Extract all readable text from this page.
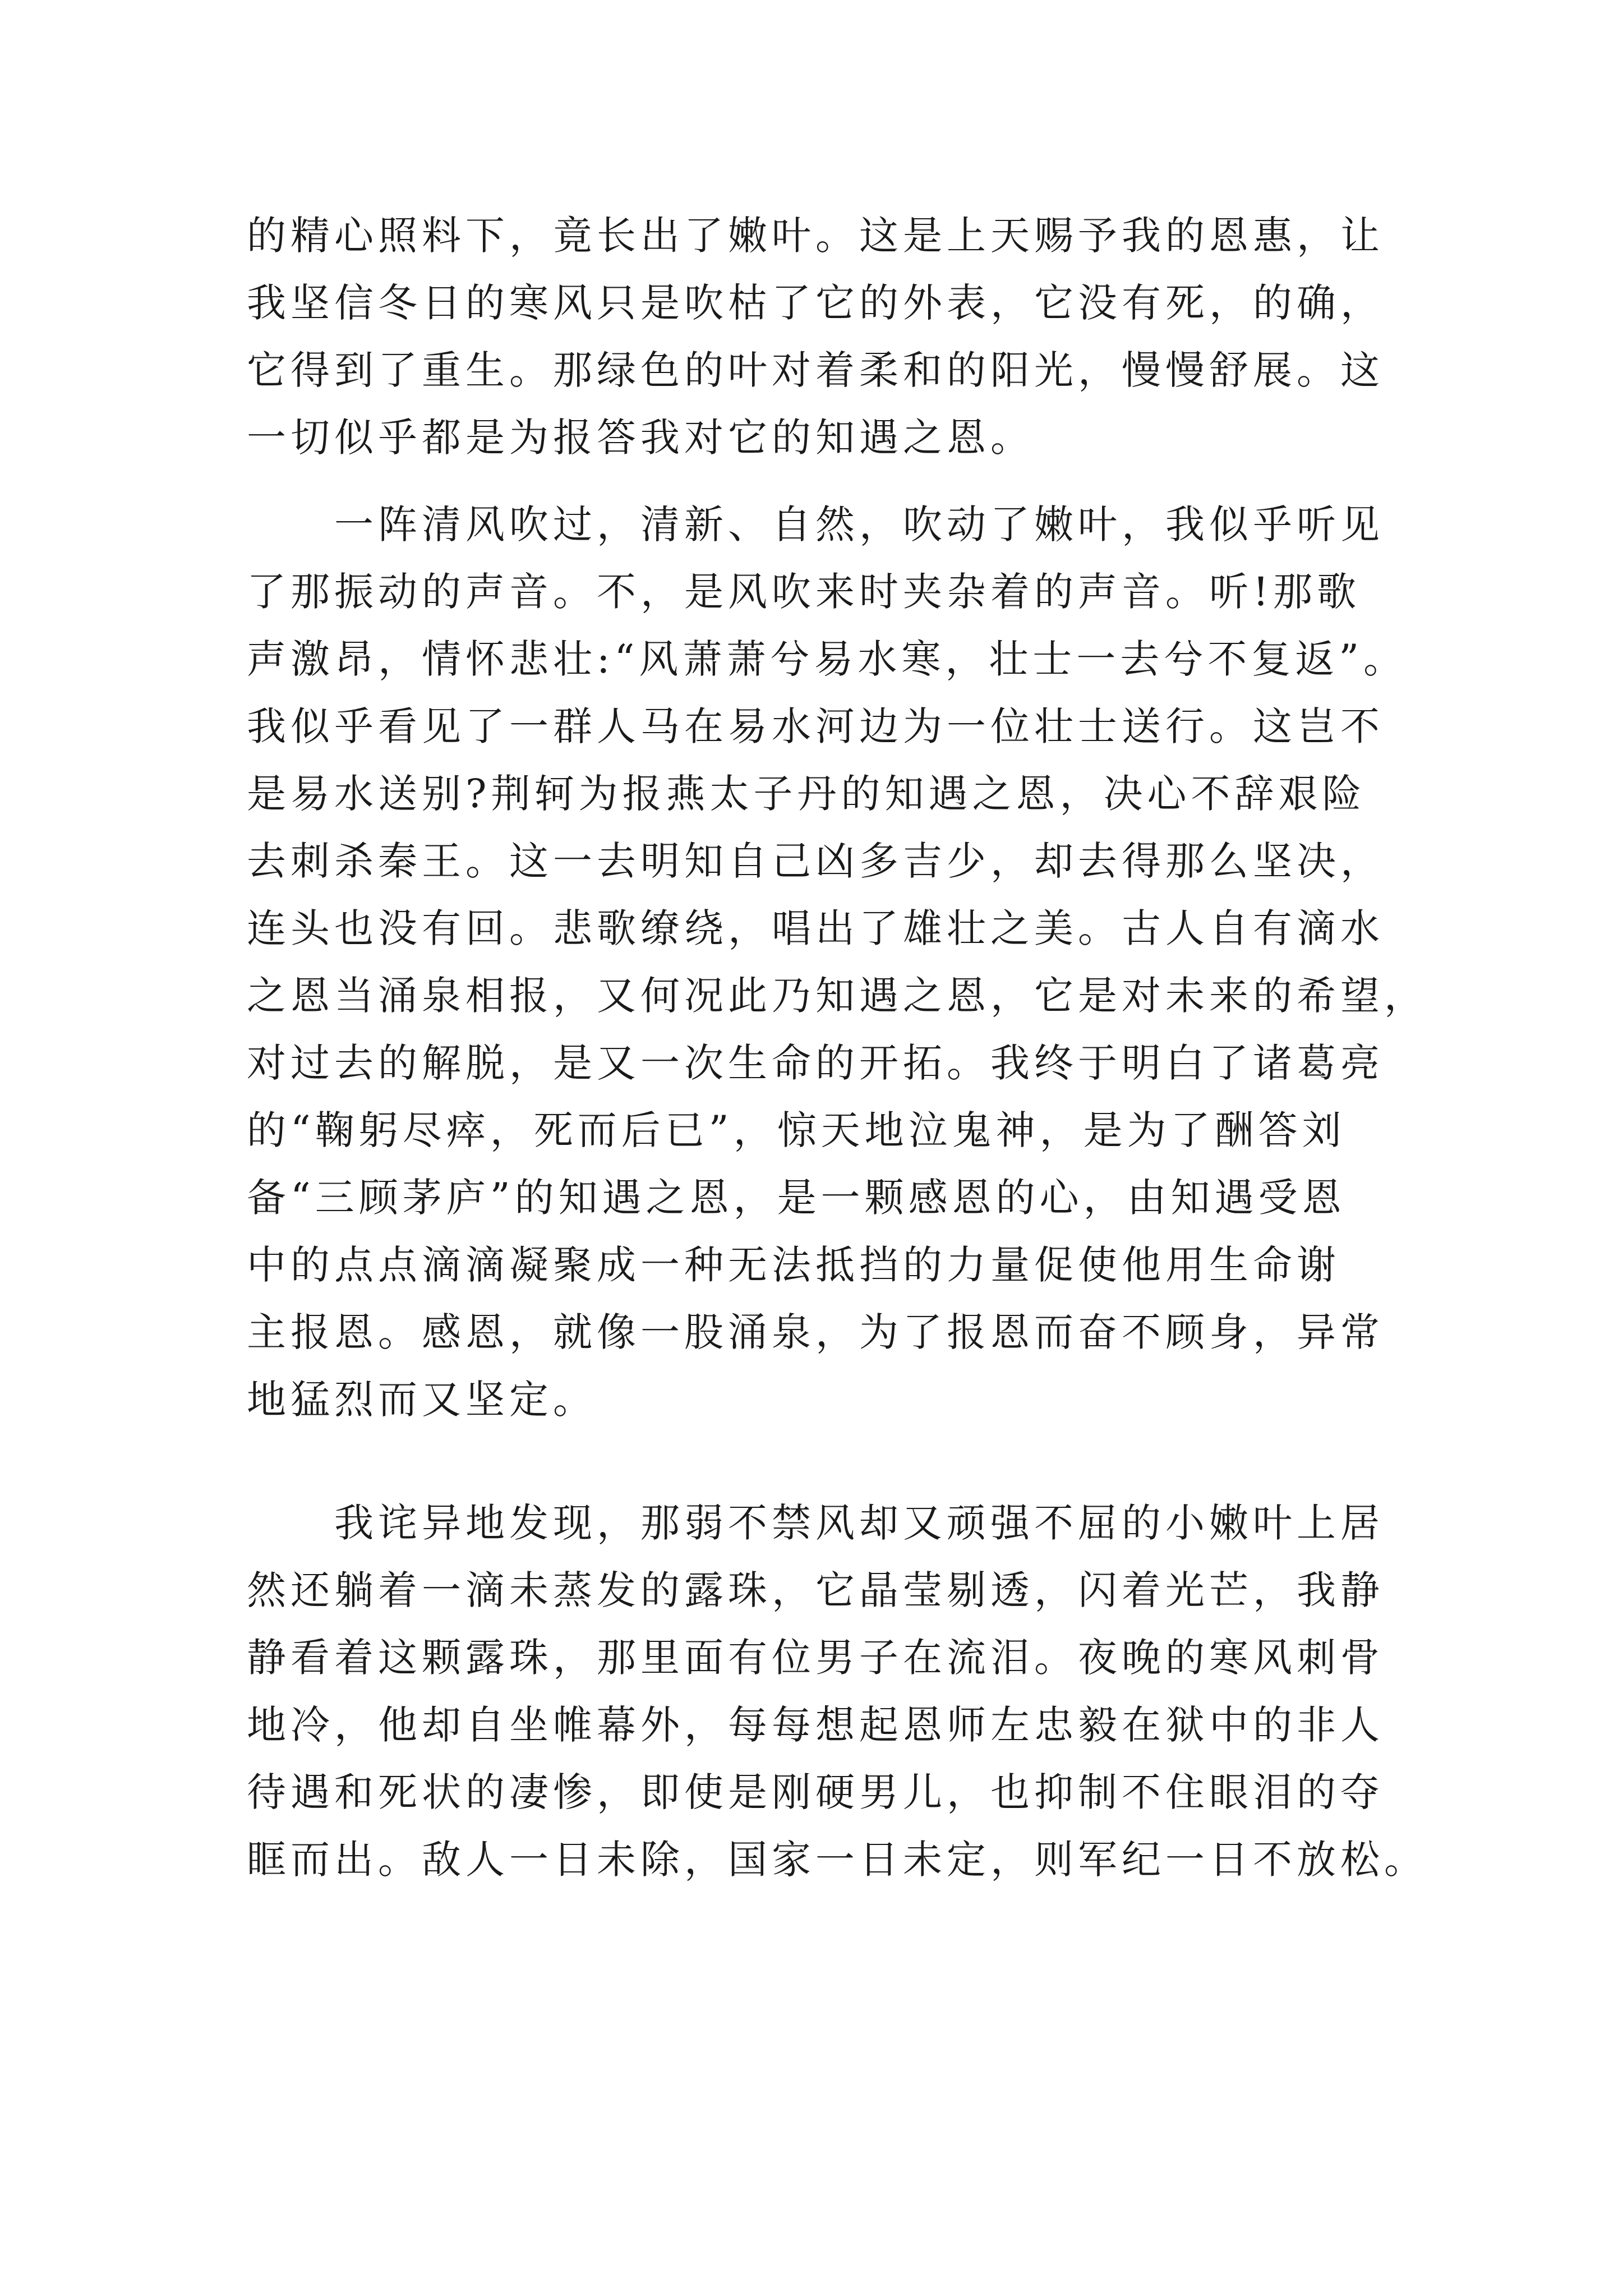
的精心照料下，竟长出了嫩叶。这是上天赐予我的恩惠，让
我坚信冬日的寒风只是吹枯了它的外表，它没有死，的确，
它得到了重生。那绿色的叶对着柔和的阳光，慢慢舒展。这
一切似乎都是为报答我对它的知遇之恩。
　　一阵清风吹过，清新、自然，吹动了嫩叶，我似乎听见
了那振动的声音。不，是风吹来时夹杂着的声音。听!那歌
声激昂，情怀悲壮:“风萧萧兮易水寒，壮士一去兮不复返”。
我似乎看见了一群人马在易水河边为一位壮士送行。这岂不
是易水送别?荆轲为报燕太子丹的知遇之恩，决心不辞艰险
去刺杀秦王。这一去明知自己凶多吉少，却去得那么坚决，
连头也没有回。悲歌缭绕，唱出了雄壮之美。古人自有滴水
之恩当涌泉相报，又何况此乃知遇之恩，它是对未来的希望，
对过去的解脱，是又一次生命的开拓。我终于明白了诸葛亮
的“鞠躬尽瘁，死而后已”，惊天地泣鬼神，是为了酬答刘
备“三顾茅庐”的知遇之恩，是一颗感恩的心，由知遇受恩
中的点点滴滴凝聚成一种无法抵挡的力量促使他用生命谢
主报恩。感恩，就像一股涌泉，为了报恩而奋不顾身，异常
地猛烈而又坚定。
　　我诧异地发现，那弱不禁风却又顽强不屈的小嫩叶上居
然还躺着一滴未蒸发的露珠，它晶莹剔透，闪着光芒，我静
静看着这颗露珠，那里面有位男子在流泪。夜晚的寒风刺骨
地冷，他却自坐帷幕外，每每想起恩师左忠毅在狱中的非人
待遇和死状的凄惨，即使是刚硬男儿，也抑制不住眼泪的夺
眶而出。敌人一日未除，国家一日未定，则军纪一日不放松。
